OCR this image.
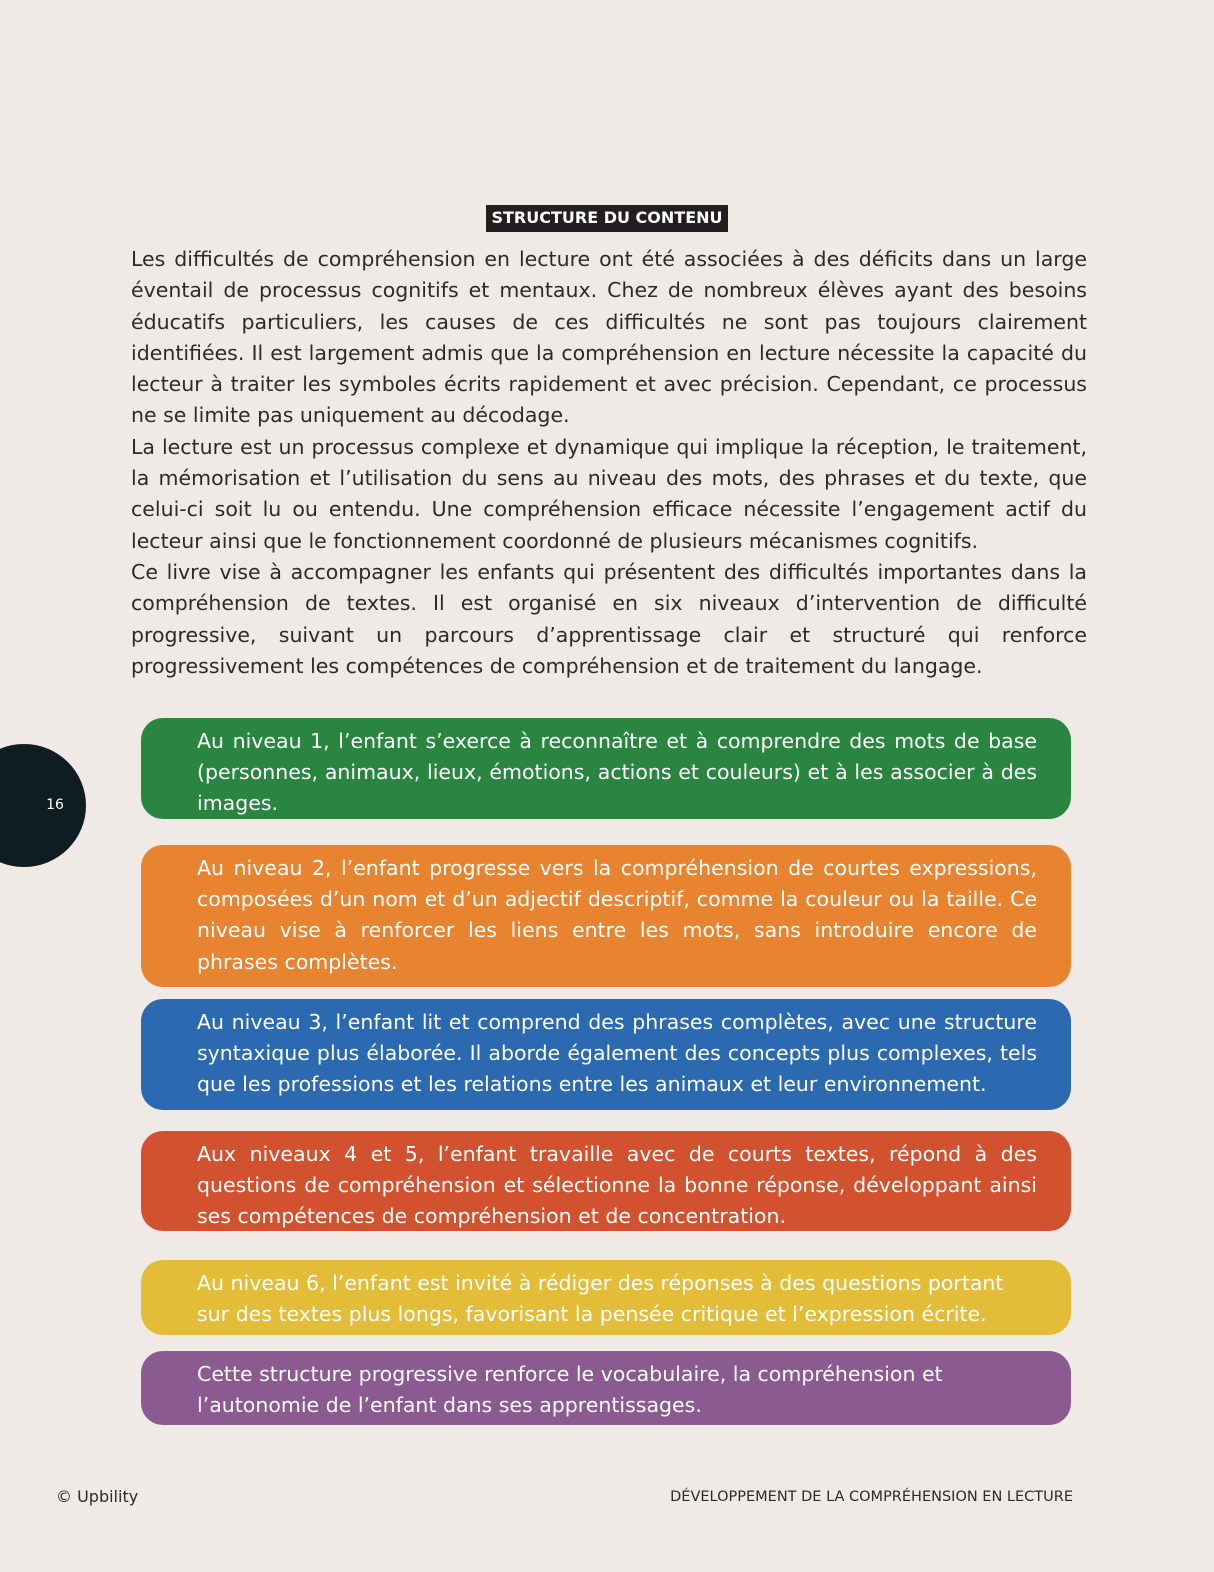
STRUCTURE DU CONTENU

Les difficultés de compréhension en lecture ont été associées à des déficits dans un large éventail de processus cognitifs et mentaux. Chez de nombreux élèves ayant des besoins éducatifs particuliers, les causes de ces difficultés ne sont pas toujours clairement identifiées. Il est largement admis que la compréhension en lecture nécessite la capacité du lecteur à traiter les symboles écrits rapidement et avec précision. Cependant, ce processus ne se limite pas uniquement au décodage.

La lecture est un processus complexe et dynamique qui implique la réception, le traitement, la mémorisation et l’utilisation du sens au niveau des mots, des phrases et du texte, que celui-ci soit lu ou entendu. Une compréhension efficace nécessite l’engagement actif du lecteur ainsi que le fonctionnement coordonné de plusieurs mécanismes cognitifs.

Ce livre vise à accompagner les enfants qui présentent des difficultés importantes dans la compréhension de textes. Il est organisé en six niveaux d’intervention de difficulté progressive, suivant un parcours d’apprentissage clair et structuré qui renforce progressivement les compétences de compréhension et de traitement du langage.

16
Au niveau 1, l’enfant s’exerce à reconnaître et à comprendre des mots de base (personnes, animaux, lieux, émotions, actions et couleurs) et à les associer à des images.
Au niveau 2, l’enfant progresse vers la compréhension de courtes expressions, composées d’un nom et d’un adjectif descriptif, comme la couleur ou la taille. Ce niveau vise à renforcer les liens entre les mots, sans introduire encore de phrases complètes.
Au niveau 3, l’enfant lit et comprend des phrases complètes, avec une structure syntaxique plus élaborée. Il aborde également des concepts plus complexes, tels que les professions et les relations entre les animaux et leur environnement.
Aux niveaux 4 et 5, l’enfant travaille avec de courts textes, répond à des questions de compréhension et sélectionne la bonne réponse, développant ainsi ses compétences de compréhension et de concentration.
Au niveau 6, l’enfant est invité à rédiger des réponses à des questions portant sur des textes plus longs, favorisant la pensée critique et l’expression écrite.
Cette structure progressive renforce le vocabulaire, la compréhension et l’autonomie de l’enfant dans ses apprentissages.
© Upbility	DÉVELOPPEMENT DE LA COMPRÉHENSION EN LECTURE
